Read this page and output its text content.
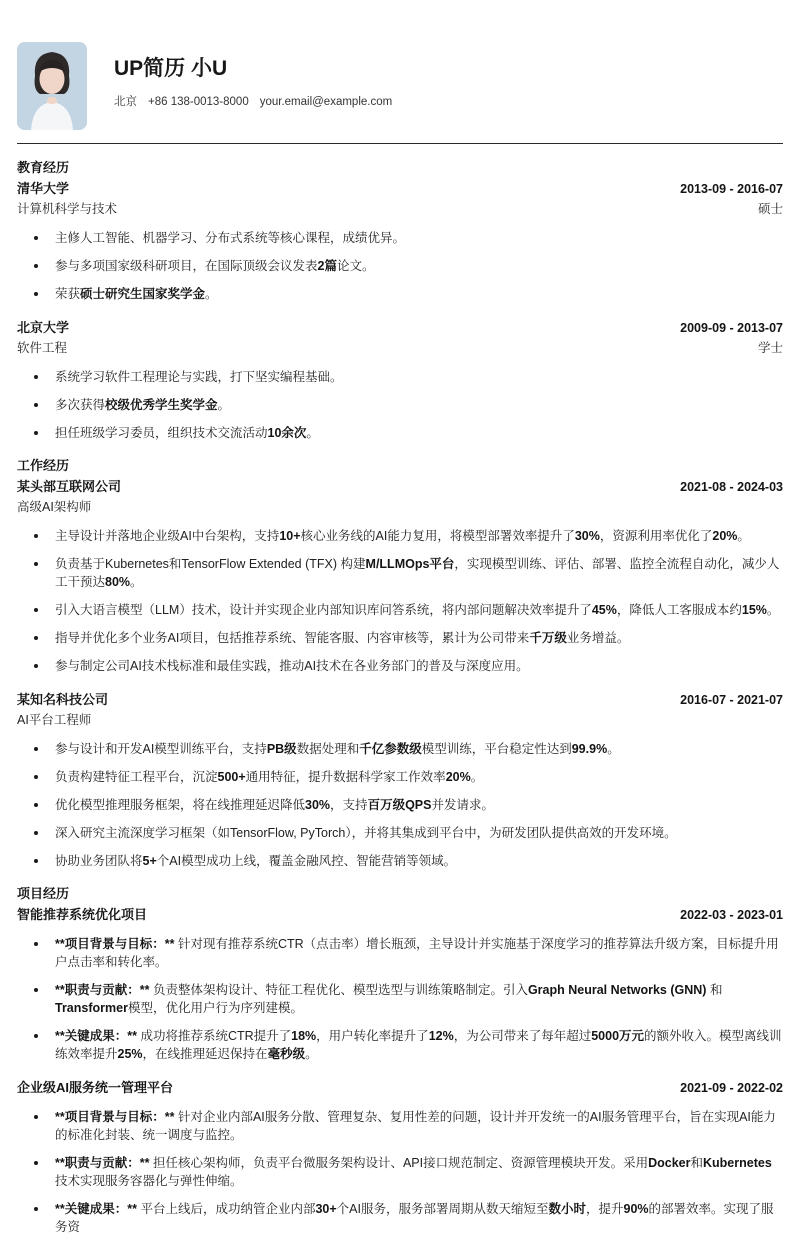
UP简历 小U
北京 +86 138-0013-8000 your.email@example.com
教育经历
清华大学	2013-09 - 2016-07
计算机科学与技术	硕士
主修人工智能、机器学习、分布式系统等核心课程，成绩优异。
参与多项国家级科研项目，在国际顶级会议发表2篇论文。
荣获硕士研究生国家奖学金。
北京大学	2009-09 - 2013-07
软件工程	学士
系统学习软件工程理论与实践，打下坚实编程基础。
多次获得校级优秀学生奖学金。
担任班级学习委员，组织技术交流活动10余次。
工作经历
某头部互联网公司	2021-08 - 2024-03
高级AI架构师
主导设计并落地企业级AI中台架构，支持10+核心业务线的AI能力复用，将模型部署效率提升了30%，资源利用率优化了20%。
负责基于Kubernetes和TensorFlow Extended (TFX) 构建M/LLMOps平台，实现模型训练、评估、部署、监控全流程自动化，减少人工干预达80%。
引入大语言模型（LLM）技术，设计并实现企业内部知识库问答系统，将内部问题解决效率提升了45%，降低人工客服成本约15%。
指导并优化多个业务AI项目，包括推荐系统、智能客服、内容审核等，累计为公司带来千万级业务增益。
参与制定公司AI技术栈标准和最佳实践，推动AI技术在各业务部门的普及与深度应用。
某知名科技公司	2016-07 - 2021-07
AI平台工程师
参与设计和开发AI模型训练平台，支持PB级数据处理和千亿参数级模型训练，平台稳定性达到99.9%。
负责构建特征工程平台，沉淀500+通用特征，提升数据科学家工作效率20%。
优化模型推理服务框架，将在线推理延迟降低30%，支持百万级QPS并发请求。
深入研究主流深度学习框架（如TensorFlow, PyTorch），并将其集成到平台中，为研发团队提供高效的开发环境。
协助业务团队将5+个AI模型成功上线，覆盖金融风控、智能营销等领域。
项目经历
智能推荐系统优化项目	2022-03 - 2023-01
**项目背景与目标：** 针对现有推荐系统CTR（点击率）增长瓶颈，主导设计并实施基于深度学习的推荐算法升级方案，目标提升用户点击率和转化率。
**职责与贡献：** 负责整体架构设计、特征工程优化、模型选型与训练策略制定。引入Graph Neural Networks (GNN) 和Transformer模型，优化用户行为序列建模。
**关键成果：** 成功将推荐系统CTR提升了18%，用户转化率提升了12%，为公司带来了每年超过5000万元的额外收入。模型离线训练效率提升25%，在线推理延迟保持在毫秒级。
企业级AI服务统一管理平台	2021-09 - 2022-02
**项目背景与目标：** 针对企业内部AI服务分散、管理复杂、复用性差的问题，设计并开发统一的AI服务管理平台，旨在实现AI能力的标准化封装、统一调度与监控。
**职责与贡献：** 担任核心架构师，负责平台微服务架构设计、API接口规范制定、资源管理模块开发。采用Docker和Kubernetes技术实现服务容器化与弹性伸缩。
**关键成果：** 平台上线后，成功纳管企业内部30+个AI服务，服务部署周期从数天缩短至数小时，提升90%的部署效率。实现了服务资
